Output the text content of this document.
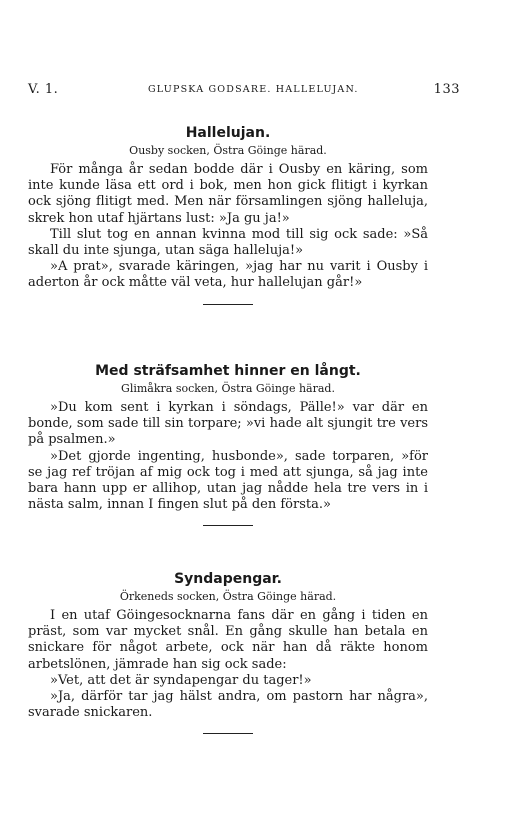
V. 1.	GLUPSKA GODSARE. HALLELUJAN.	133
Hallelujan.
Ousby socken, Östra Göinge härad.

För många år sedan bodde där i Ousby en käring, som inte kunde läsa ett ord i bok, men hon gick flitigt i kyrkan ock sjöng flitigt med. Men när församlingen sjöng halleluja, skrek hon utaf hjärtans lust: »Ja gu ja!»

Till slut tog en annan kvinna mod till sig ock sade: »Så skall du inte sjunga, utan säga halleluja!»

»A prat», svarade käringen, »jag har nu varit i Ousby i aderton år ock måtte väl veta, hur hallelujan går!»

Med sträfsamhet hinner en långt.
Glimåkra socken, Östra Göinge härad.

»Du kom sent i kyrkan i söndags, Pälle!» var där en bonde, som sade till sin torpare; »vi hade alt sjungit tre vers på psalmen.»

»Det gjorde ingenting, husbonde», sade torparen, »för se jag ref tröjan af mig ock tog i med att sjunga, så jag inte bara hann upp er allihop, utan jag nådde hela tre vers in i nästa salm, innan I fingen slut på den första.»

Syndapengar.
Örkeneds socken, Östra Göinge härad.

I en utaf Göingesocknarna fans där en gång i tiden en präst, som var mycket snål. En gång skulle han betala en snickare för något arbete, ock när han då räkte honom arbetslönen, jämrade han sig ock sade:

»Vet, att det är syndapengar du tager!»

»Ja, därför tar jag hälst andra, om pastorn har några», svarade snickaren.
